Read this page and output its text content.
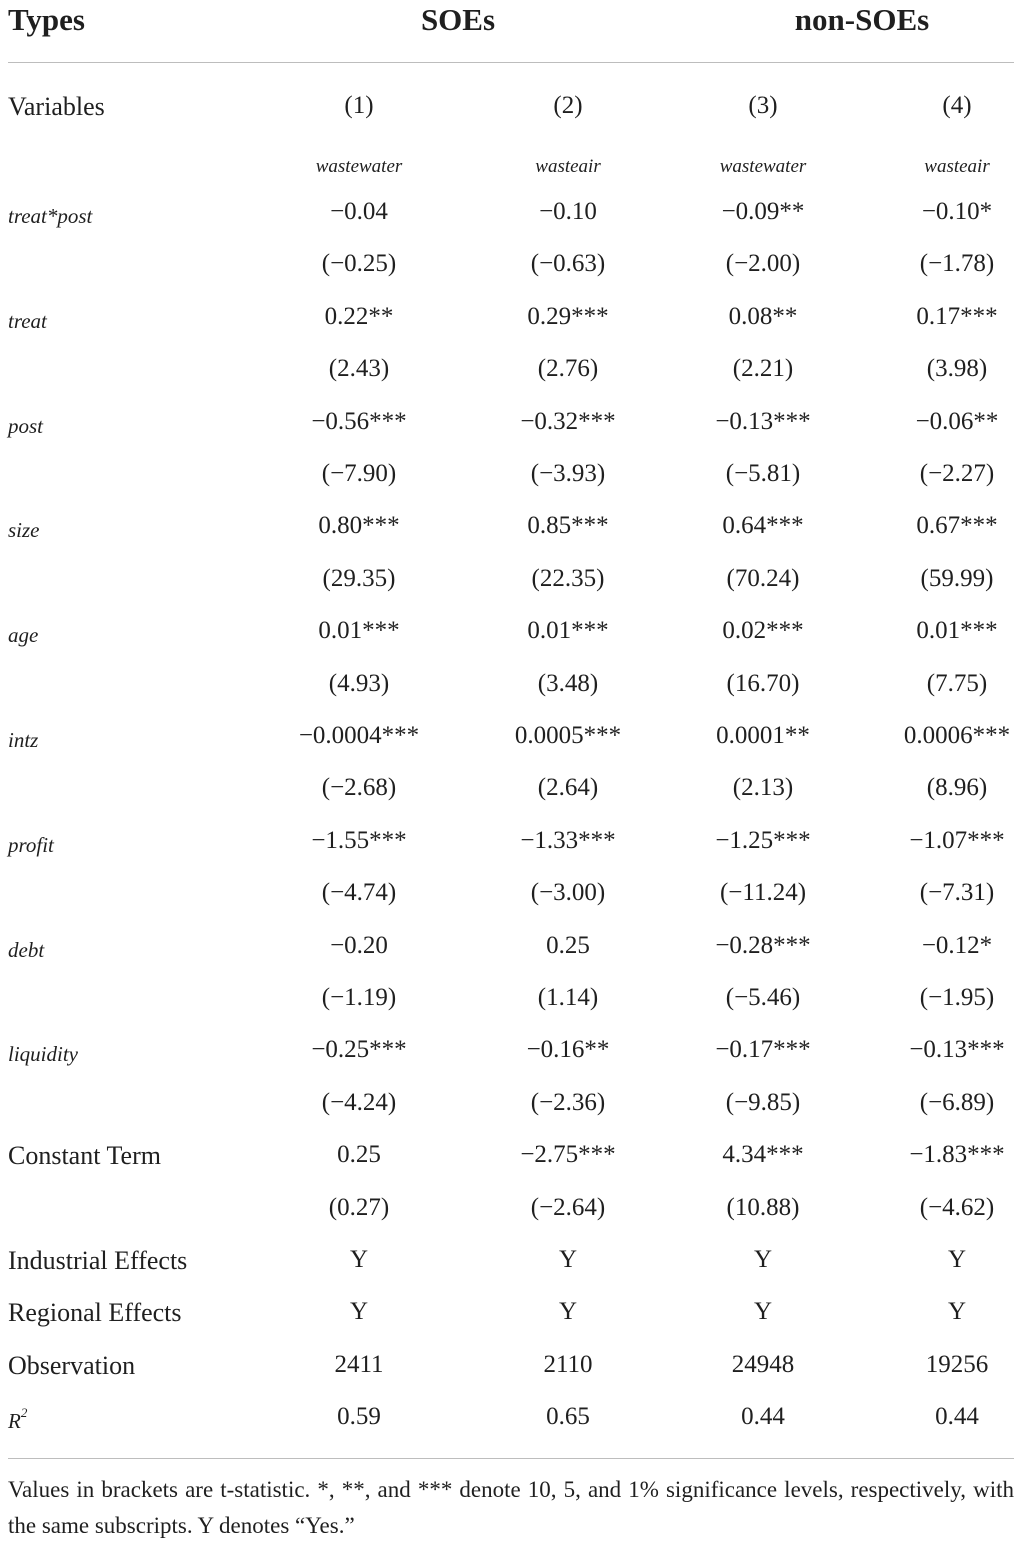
Types	SOEs	non-SOEs
Variables	(1)	(2)	(3)	(4)
wastewater	wasteair	wastewater	wasteair
treat*post	−0.04	−0.10	−0.09**	−0.10*
(−0.25)	(−0.63)	(−2.00)	(−1.78)
treat	0.22**	0.29***	0.08**	0.17***
(2.43)	(2.76)	(2.21)	(3.98)
post	−0.56***	−0.32***	−0.13***	−0.06**
(−7.90)	(−3.93)	(−5.81)	(−2.27)
size	0.80***	0.85***	0.64***	0.67***
(29.35)	(22.35)	(70.24)	(59.99)
age	0.01***	0.01***	0.02***	0.01***
(4.93)	(3.48)	(16.70)	(7.75)
intz	−0.0004***	0.0005***	0.0001**	0.0006***
(−2.68)	(2.64)	(2.13)	(8.96)
profit	−1.55***	−1.33***	−1.25***	−1.07***
(−4.74)	(−3.00)	(−11.24)	(−7.31)
debt	−0.20	0.25	−0.28***	−0.12*
(−1.19)	(1.14)	(−5.46)	(−1.95)
liquidity	−0.25***	−0.16**	−0.17***	−0.13***
(−4.24)	(−2.36)	(−9.85)	(−6.89)
Constant Term	0.25	−2.75***	4.34***	−1.83***
(0.27)	(−2.64)	(10.88)	(−4.62)
Industrial Effects	Y	Y	Y	Y
Regional Effects	Y	Y	Y	Y
Observation	2411	2110	24948	19256
$R^2$	0.59	0.65	0.44	0.44
Values in brackets are t-statistic. *, **, and *** denote 10, 5, and 1% significance levels, respectively, with the same subscripts. Y denotes “Yes.”
